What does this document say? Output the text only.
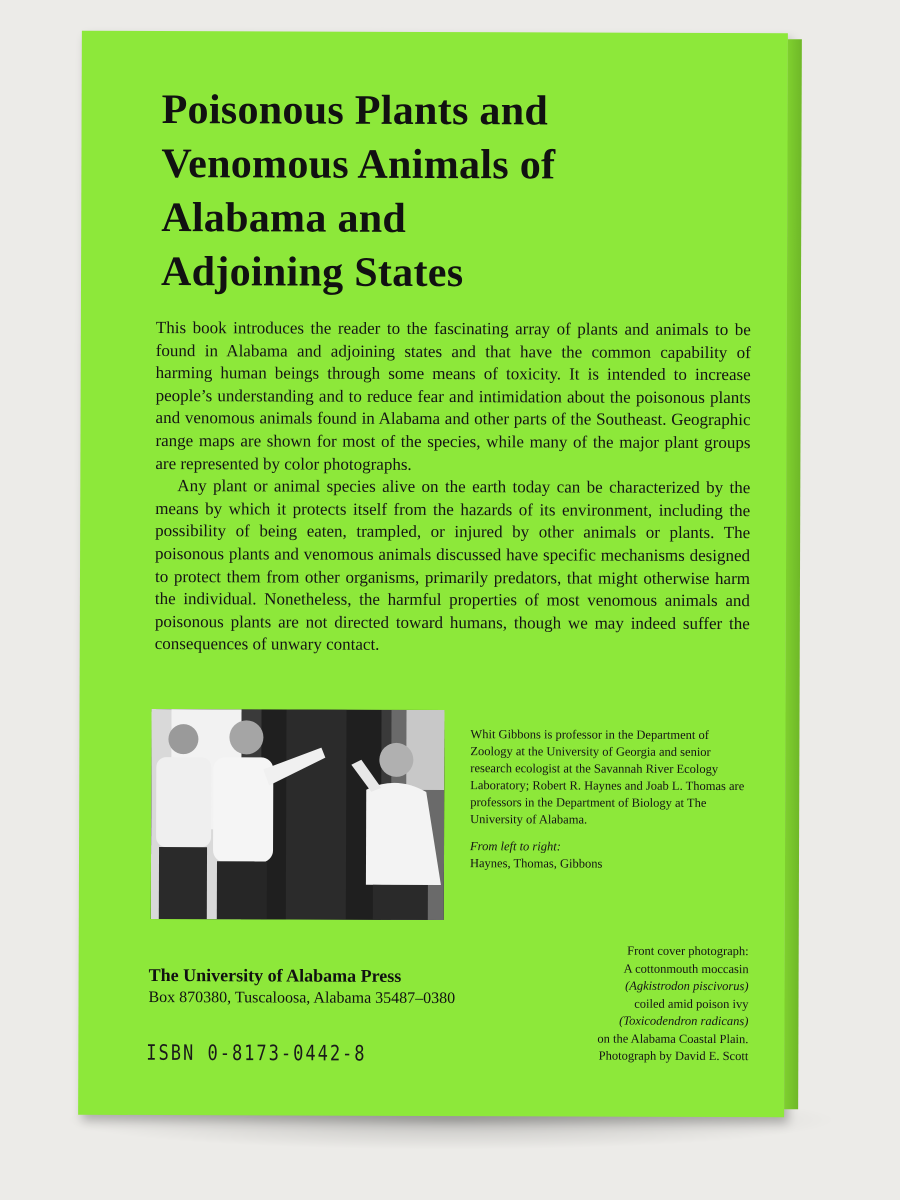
Poisonous Plants and
Venomous Animals of
Alabama and
Adjoining States

This book introduces the reader to the fascinating array of plants and animals to be found in Alabama and adjoining states and that have the common capability of harming human beings through some means of toxicity. It is intended to increase people’s understanding and to reduce fear and intimidation about the poisonous plants and venomous animals found in Alabama and other parts of the Southeast. Geographic range maps are shown for most of the species, while many of the major plant groups are represented by color photographs.

Any plant or animal species alive on the earth today can be characterized by the means by which it protects itself from the hazards of its environment, including the possibility of being eaten, trampled, or injured by other animals or plants. The poisonous plants and venomous animals discussed have specific mechanisms designed to protect them from other organisms, primarily predators, that might otherwise harm the individual. Nonetheless, the harmful properties of most venomous animals and poisonous plants are not directed toward humans, though we may indeed suffer the consequences of unwary contact.

Whit Gibbons is professor in the Department of Zoology at the University of Georgia and senior research ecologist at the Savannah River Ecology Laboratory; Robert R. Haynes and Joab L. Thomas are professors in the Department of Biology at The University of Alabama.

From left to right:
Haynes, Thomas, Gibbons

Front cover photograph:
A cottonmouth moccasin
(Agkistrodon piscivorus)
coiled amid poison ivy
(Toxicodendron radicans)
on the Alabama Coastal Plain.
Photograph by David E. Scott
The University of Alabama Press
Box 870380, Tuscaloosa, Alabama 35487–0380
ISBN 0-8173-0442-8
